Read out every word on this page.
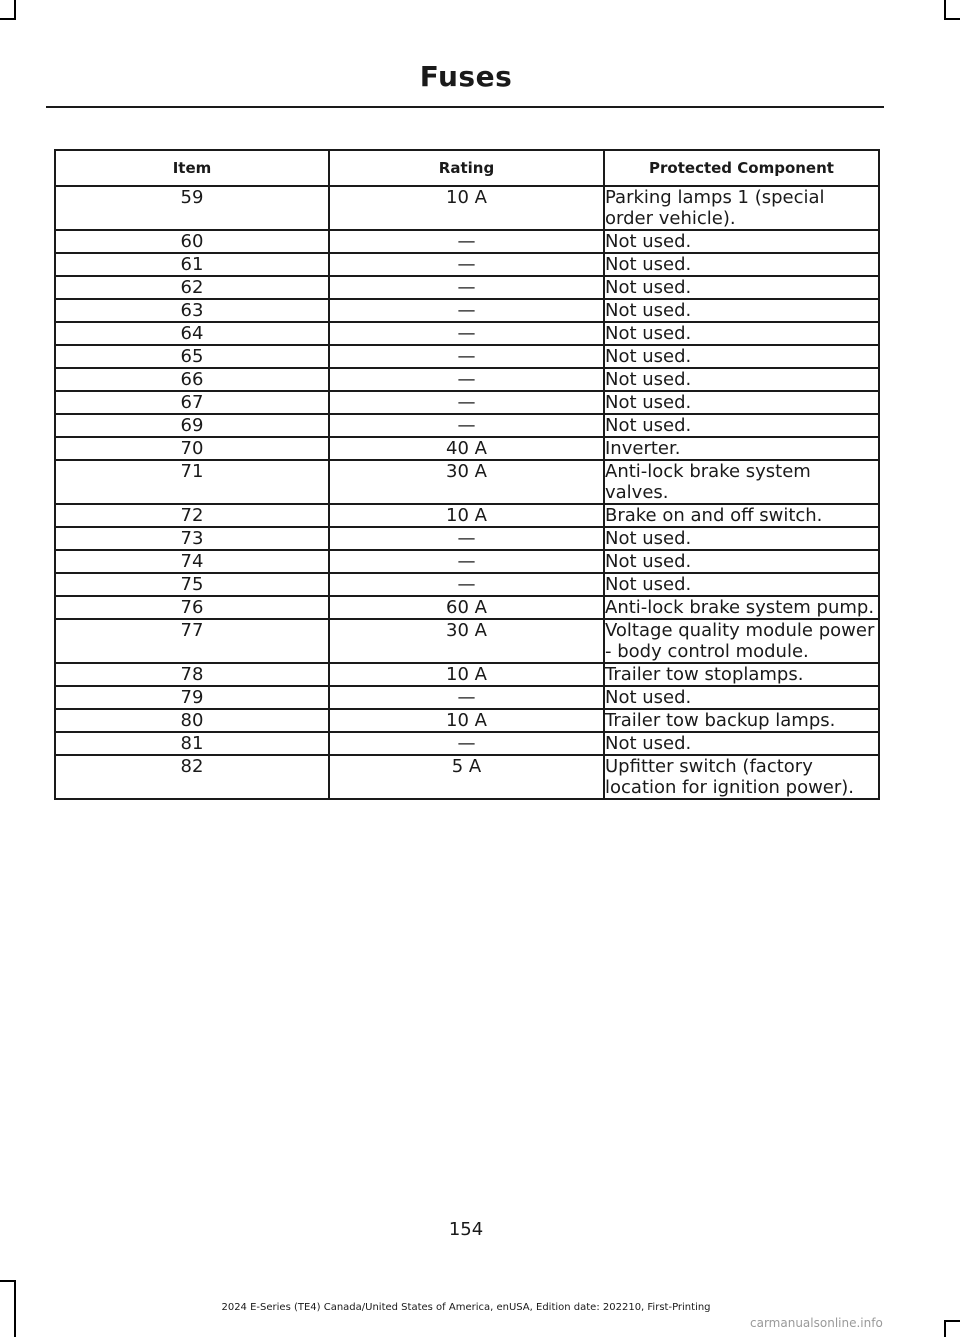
Fuses
Item	Rating	Protected Component
59	10 A	Parking lamps 1 (special order vehicle).
60	—	Not used.
61	—	Not used.
62	—	Not used.
63	—	Not used.
64	—	Not used.
65	—	Not used.
66	—	Not used.
67	—	Not used.
69	—	Not used.
70	40 A	Inverter.
71	30 A	Anti-lock brake system valves.
72	10 A	Brake on and off switch.
73	—	Not used.
74	—	Not used.
75	—	Not used.
76	60 A	Anti-lock brake system pump.
77	30 A	Voltage quality module power - body control module.
78	10 A	Trailer tow stoplamps.
79	—	Not used.
80	10 A	Trailer tow backup lamps.
81	—	Not used.
82	5 A	Upfitter switch (factory location for ignition power).
154
2024 E-Series (TE4) Canada/United States of America, enUSA, Edition date: 202210, First-Printing
carmanualsonline.info
